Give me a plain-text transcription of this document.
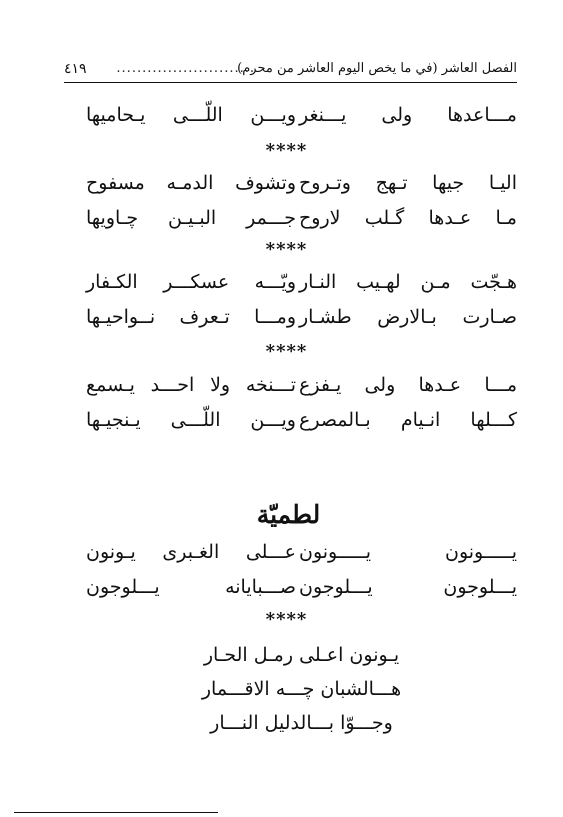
الفصل العاشر (في ما يخص اليوم العاشر من محرم)
...........................
٤١٩
مـــاعدها ولى يـــنغر
ويـــن اللّـــى يـحاميها
****
اليـا جيها تـهج وتـروح
وتشوف الدمـه مسفوح
مـا عـدها گـلب لاروح
جـــمر البـيـن چـاويها
****
هـجّت مـن لهـيب النـار
ويّـــه عسكـــر الكـفار
صـارت بـالارض طشـار
ومـــا تـعرف نــواحيـها
****
مـــا عـدها ولى يـفزع
تـــنخه ولا احـــد يـسمع
كـــلها انـيام بـالمصرع
ويـــن اللّـــى يـنجيـها
لطميّة
يـــــونون يـــــونون
عـــلى الغـبرى يـونون
يـــلوجون يـــلوجون
صـــبايانه يـــلوجون
****
يـونون اعـلى رمـل الحـار
هـــالشبان چـــه الاقـــمار
وجـــوّا بـــالدليل النـــار
